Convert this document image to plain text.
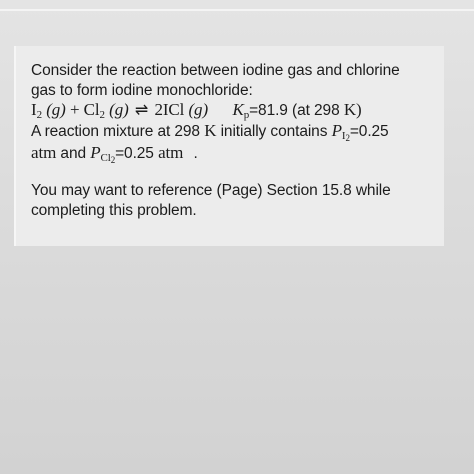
Consider the reaction between iodine gas and chlorine
gas to form iodine monochloride:
$I_2$ $(g) + Cl_2$ (g) ⇌ 2ICl (g) $K_p=81.9$ (at 298 K)
A reaction mixture at 298 K initially contains $P_{I2}=0.25$
atm and $P_{Cl2}=0.25$ atm .
You may want to reference (Page) Section 15.8 while
completing this problem.
